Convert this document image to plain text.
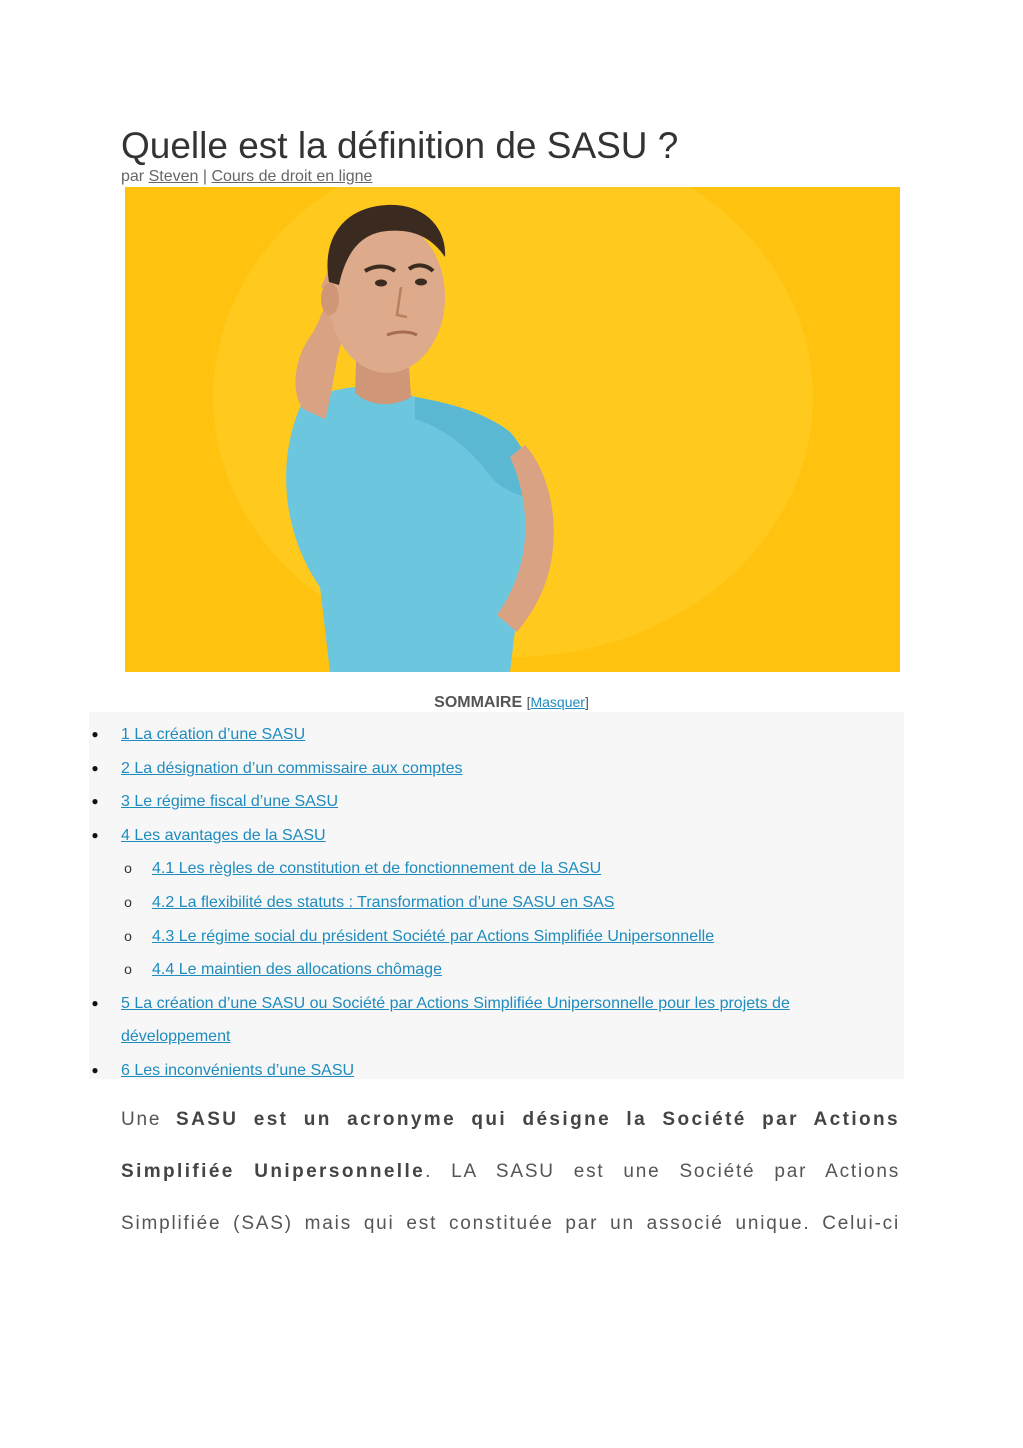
Quelle est la définition de SASU ?
par Steven | Cours de droit en ligne
SOMMAIRE [Masquer]
● 1 La création d’une SASU
● 2 La désignation d’un commissaire aux comptes
● 3 Le régime fiscal d’une SASU
● 4 Les avantages de la SASU
o 4.1 Les règles de constitution et de fonctionnement de la SASU
o 4.2 La flexibilité des statuts : Transformation d’une SASU en SAS
o 4.3 Le régime social du président Société par Actions Simplifiée Unipersonnelle
o 4.4 Le maintien des allocations chômage
● 5 La création d’une SASU ou Société par Actions Simplifiée Unipersonnelle pour les projets de
développement
● 6 Les inconvénients d’une SASU
Une SASU est un acronyme qui désigne la Société par Actions
Simplifiée Unipersonnelle. LA SASU est une Société par Actions
Simplifiée (SAS) mais qui est constituée par un associé unique. Celui-ci
